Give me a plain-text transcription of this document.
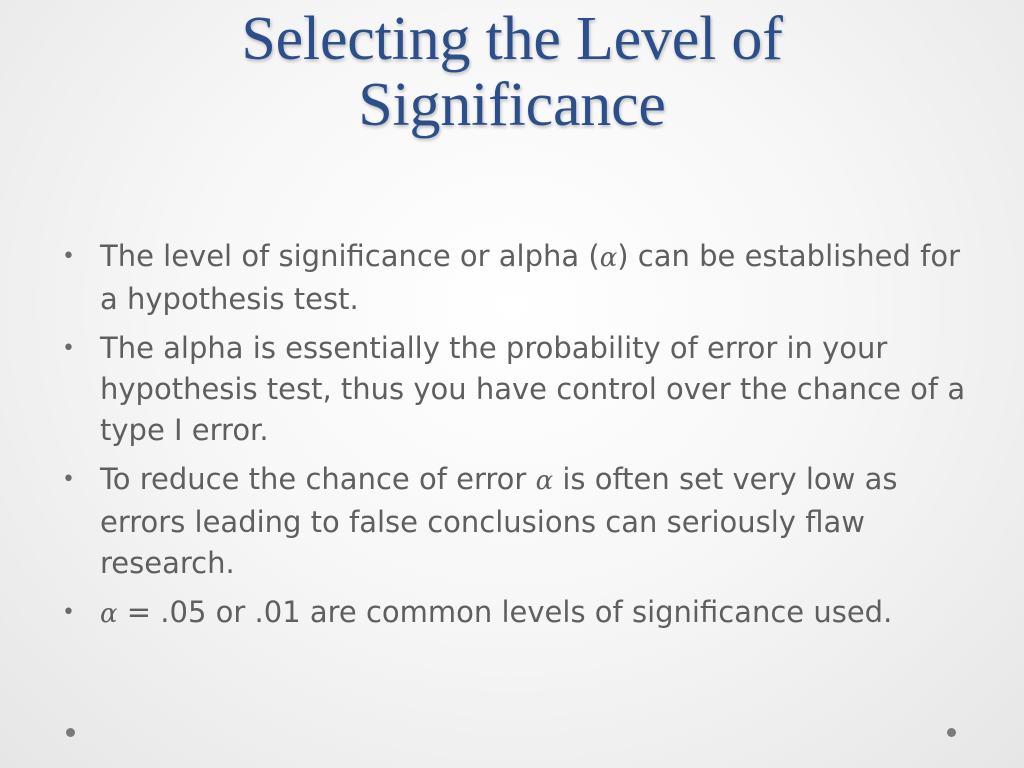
Selecting the Level of
Significance
• The level of significance or alpha (α) can be established for a hypothesis test.
• The alpha is essentially the probability of error in your hypothesis test, thus you have control over the chance of a type I error.
• To reduce the chance of error α is often set very low as errors leading to false conclusions can seriously flaw research.
• α = .05 or .01 are common levels of significance used.
